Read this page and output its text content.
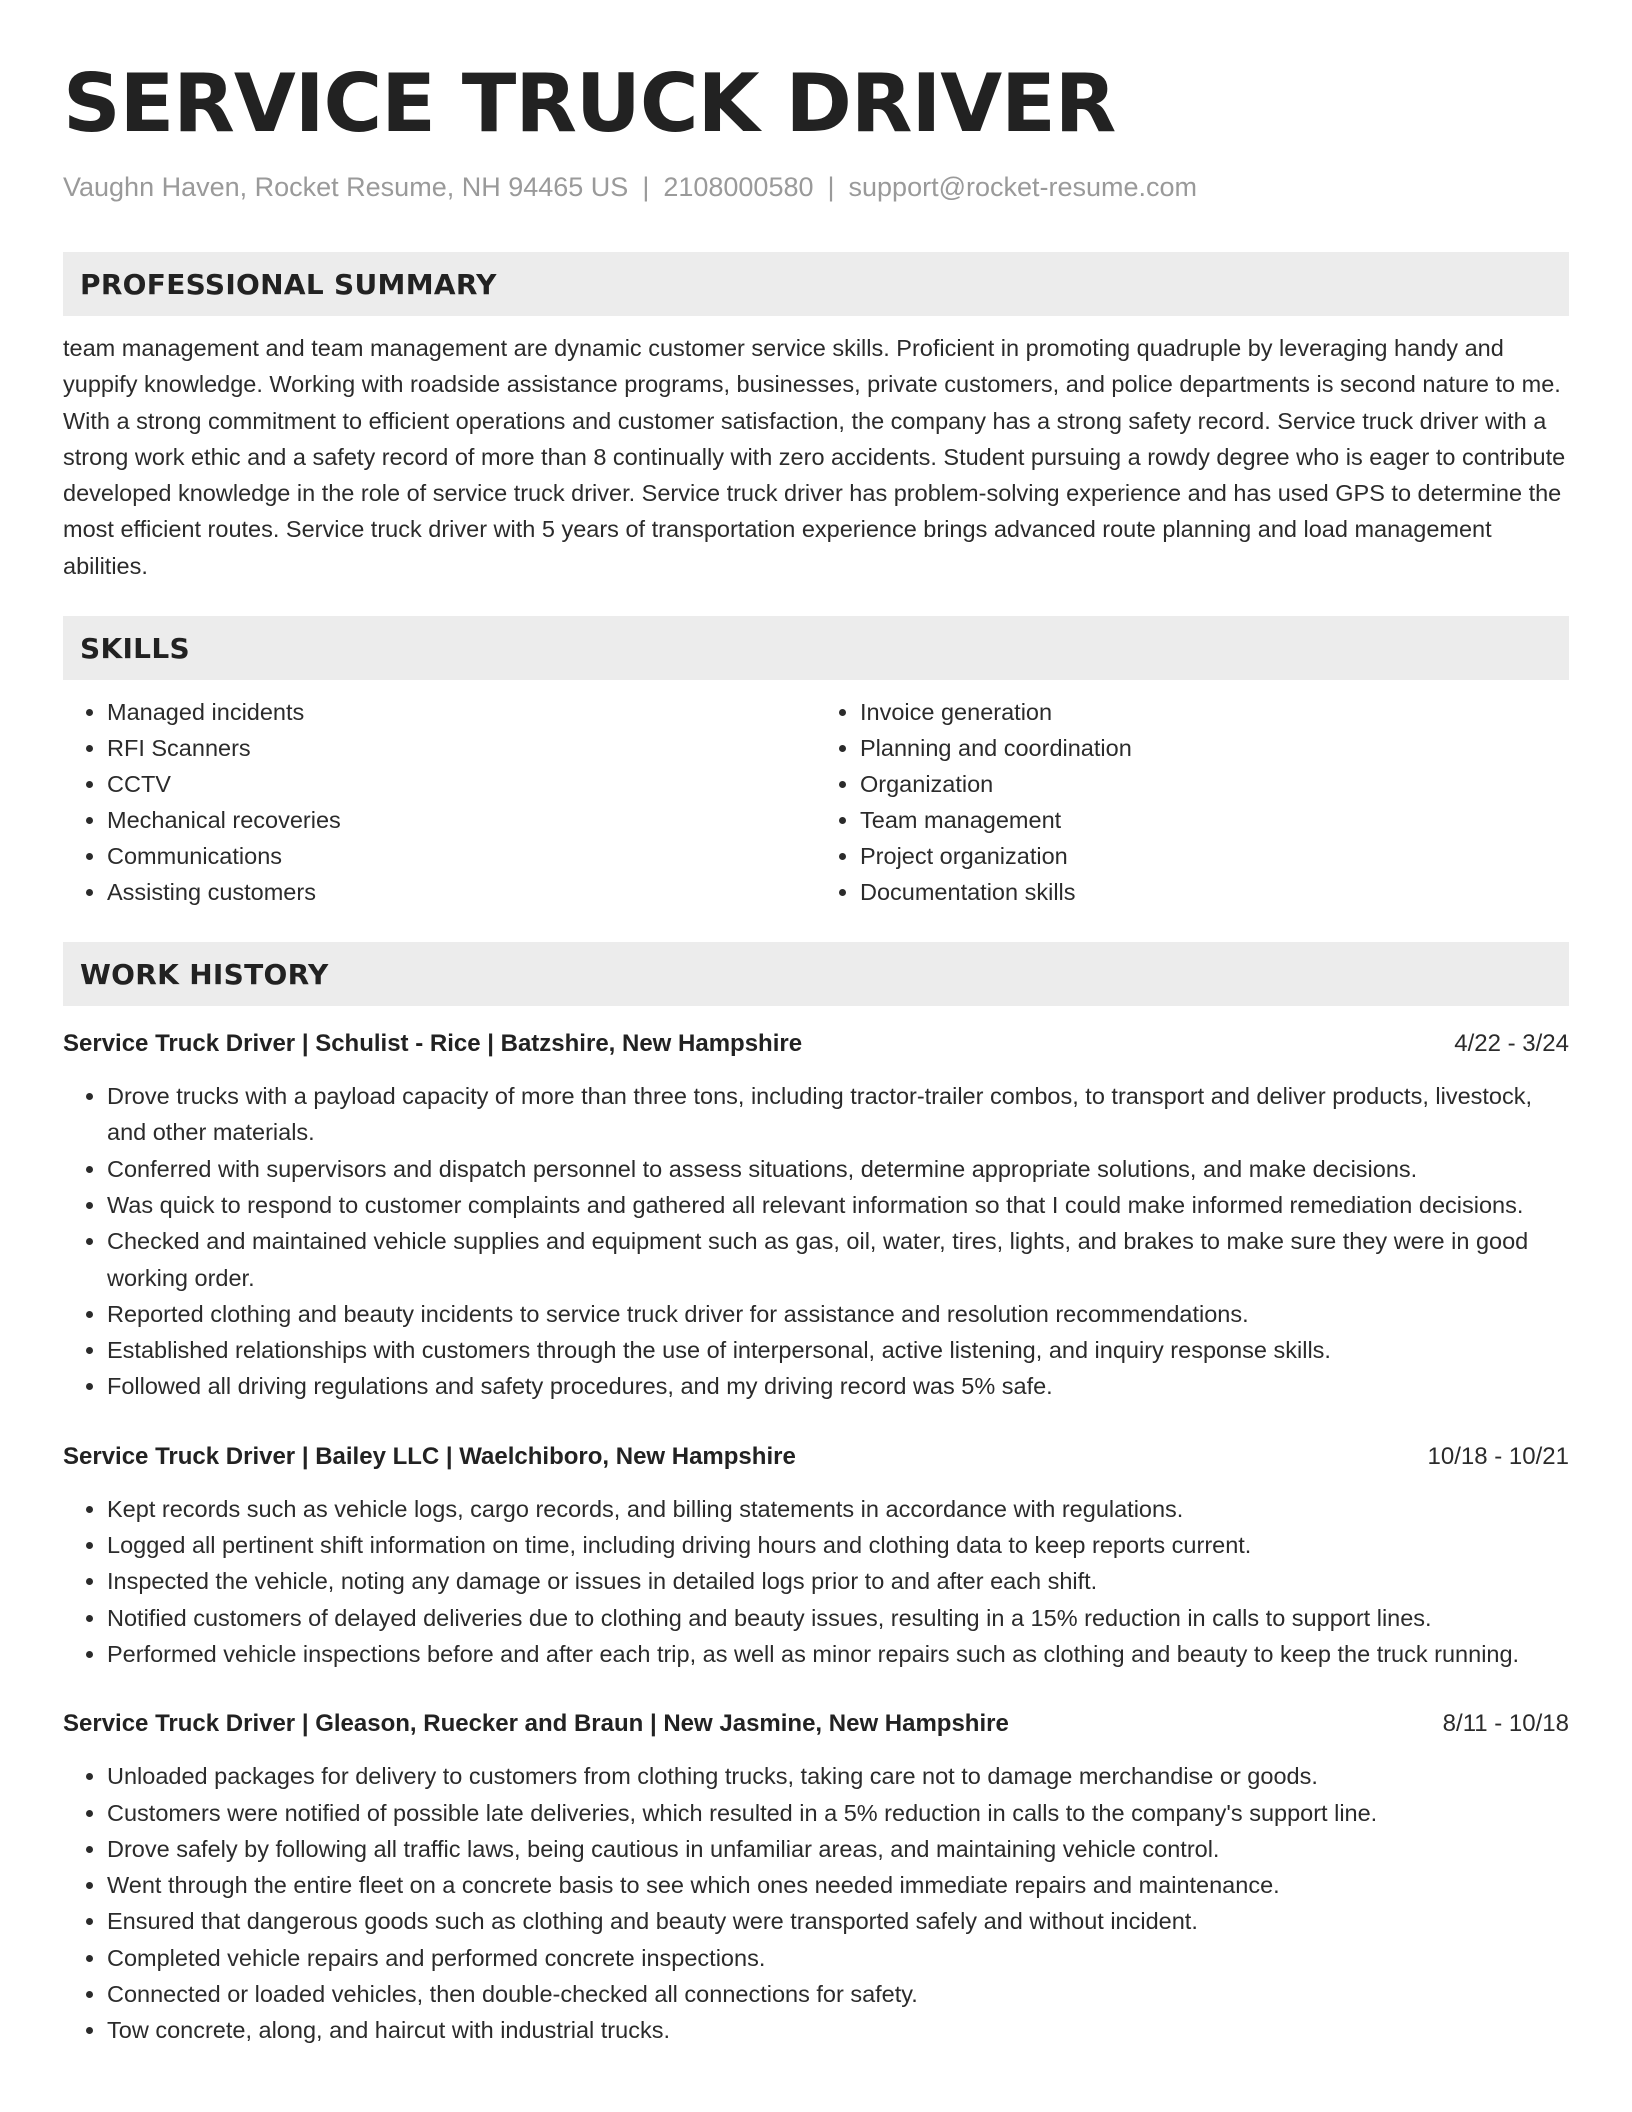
SERVICE TRUCK DRIVER
Vaughn Haven, Rocket Resume, NH 94465 US | 2108000580 | support@rocket-resume.com
PROFESSIONAL SUMMARY

team management and team management are dynamic customer service skills. Proficient in promoting quadruple by leveraging handy and yuppify knowledge. Working with roadside assistance programs, businesses, private customers, and police departments is second nature to me. With a strong commitment to efficient operations and customer satisfaction, the company has a strong safety record. Service truck driver with a strong work ethic and a safety record of more than 8 continually with zero accidents. Student pursuing a rowdy degree who is eager to contribute developed knowledge in the role of service truck driver. Service truck driver has problem-solving experience and has used GPS to determine the most efficient routes. Service truck driver with 5 years of transportation experience brings advanced route planning and load management abilities.

SKILLS
• Managed incidents
• RFI Scanners
• CCTV
• Mechanical recoveries
• Communications
• Assisting customers
• Invoice generation
• Planning and coordination
• Organization
• Team management
• Project organization
• Documentation skills
WORK HISTORY
Service Truck Driver | Schulist - Rice | Batzshire, New Hampshire	4/22 - 3/24
• Drove trucks with a payload capacity of more than three tons, including tractor-trailer combos, to transport and deliver products, livestock, and other materials.
• Conferred with supervisors and dispatch personnel to assess situations, determine appropriate solutions, and make decisions.
• Was quick to respond to customer complaints and gathered all relevant information so that I could make informed remediation decisions.
• Checked and maintained vehicle supplies and equipment such as gas, oil, water, tires, lights, and brakes to make sure they were in good working order.
• Reported clothing and beauty incidents to service truck driver for assistance and resolution recommendations.
• Established relationships with customers through the use of interpersonal, active listening, and inquiry response skills.
• Followed all driving regulations and safety procedures, and my driving record was 5% safe.
Service Truck Driver | Bailey LLC | Waelchiboro, New Hampshire	10/18 - 10/21
• Kept records such as vehicle logs, cargo records, and billing statements in accordance with regulations.
• Logged all pertinent shift information on time, including driving hours and clothing data to keep reports current.
• Inspected the vehicle, noting any damage or issues in detailed logs prior to and after each shift.
• Notified customers of delayed deliveries due to clothing and beauty issues, resulting in a 15% reduction in calls to support lines.
• Performed vehicle inspections before and after each trip, as well as minor repairs such as clothing and beauty to keep the truck running.
Service Truck Driver | Gleason, Ruecker and Braun | New Jasmine, New Hampshire	8/11 - 10/18
• Unloaded packages for delivery to customers from clothing trucks, taking care not to damage merchandise or goods.
• Customers were notified of possible late deliveries, which resulted in a 5% reduction in calls to the company's support line.
• Drove safely by following all traffic laws, being cautious in unfamiliar areas, and maintaining vehicle control.
• Went through the entire fleet on a concrete basis to see which ones needed immediate repairs and maintenance.
• Ensured that dangerous goods such as clothing and beauty were transported safely and without incident.
• Completed vehicle repairs and performed concrete inspections.
• Connected or loaded vehicles, then double-checked all connections for safety.
• Tow concrete, along, and haircut with industrial trucks.
